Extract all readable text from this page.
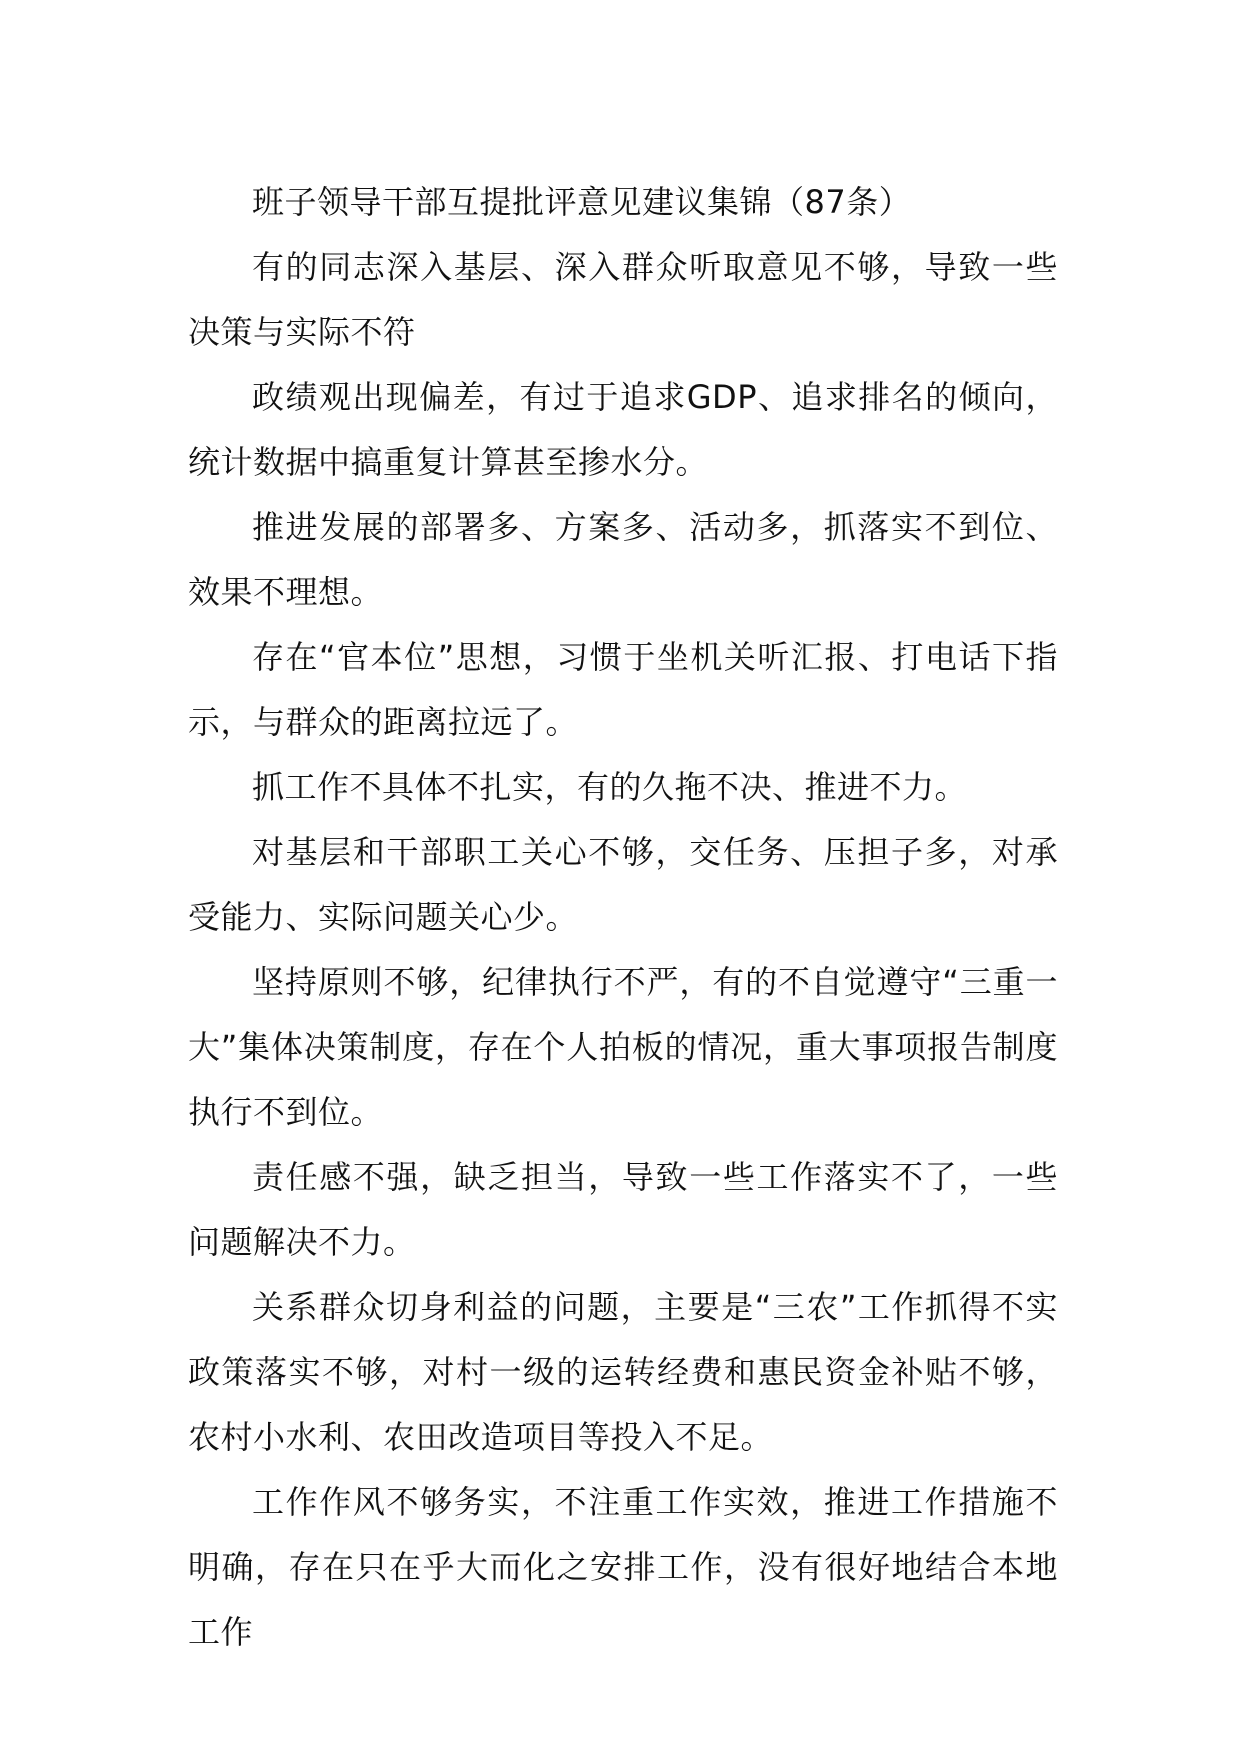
班子领导干部互提批评意见建议集锦（87条）

有的同志深入基层、深入群众听取意见不够，导致一些决策与实际不符

政绩观出现偏差，有过于追求GDP、追求排名的倾向，统计数据中搞重复计算甚至掺水分。

推进发展的部署多、方案多、活动多，抓落实不到位、效果不理想。

存在“官本位”思想，习惯于坐机关听汇报、打电话下指示，与群众的距离拉远了。

抓工作不具体不扎实，有的久拖不决、推进不力。

对基层和干部职工关心不够，交任务、压担子多，对承受能力、实际问题关心少。

坚持原则不够，纪律执行不严，有的不自觉遵守“三重一大”集体决策制度，存在个人拍板的情况，重大事项报告制度执行不到位。

责任感不强，缺乏担当，导致一些工作落实不了，一些问题解决不力。

关系群众切身利益的问题，主要是“三农”工作抓得不实政策落实不够，对村一级的运转经费和惠民资金补贴不够，农村小水利、农田改造项目等投入不足。

工作作风不够务实，不注重工作实效，推进工作措施不明确，存在只在乎大而化之安排工作，没有很好地结合本地工作
